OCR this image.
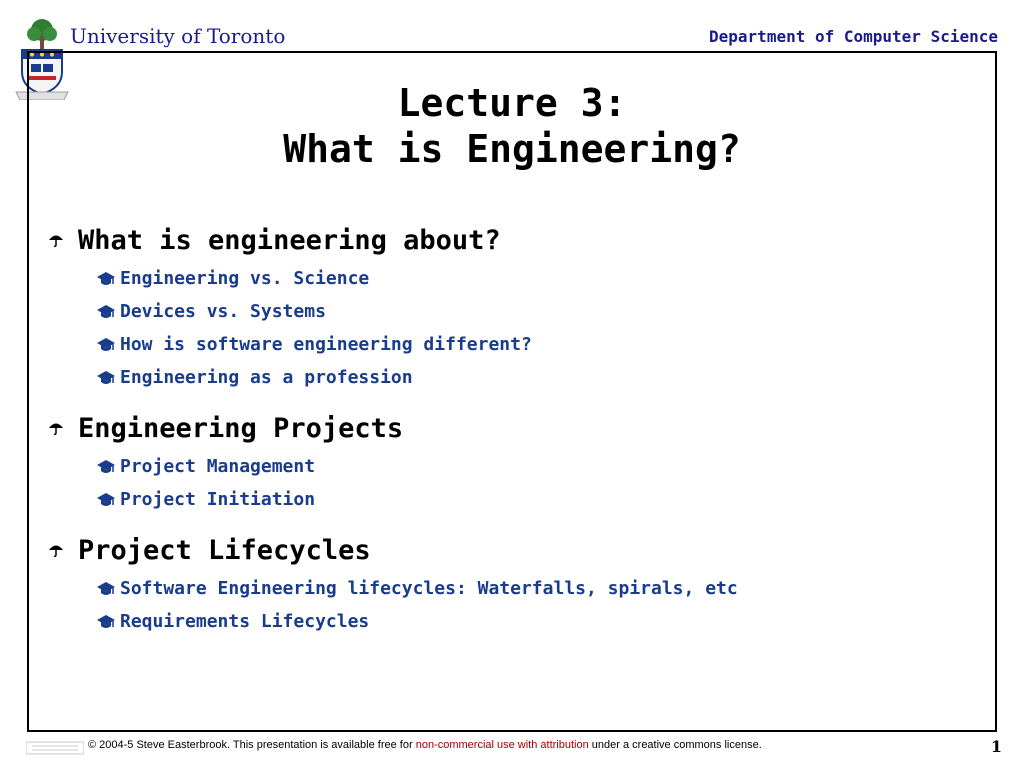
University of Toronto	Department of Computer Science
Lecture 3:
What is Engineering?
What is engineering about?
Engineering vs. Science
Devices vs. Systems
How is software engineering different?
Engineering as a profession
Engineering Projects
Project Management
Project Initiation
Project Lifecycles
Software Engineering lifecycles: Waterfalls, spirals, etc
Requirements Lifecycles
© 2004-5 Steve Easterbrook. This presentation is available free for non-commercial use with attribution under a creative commons license.	1
